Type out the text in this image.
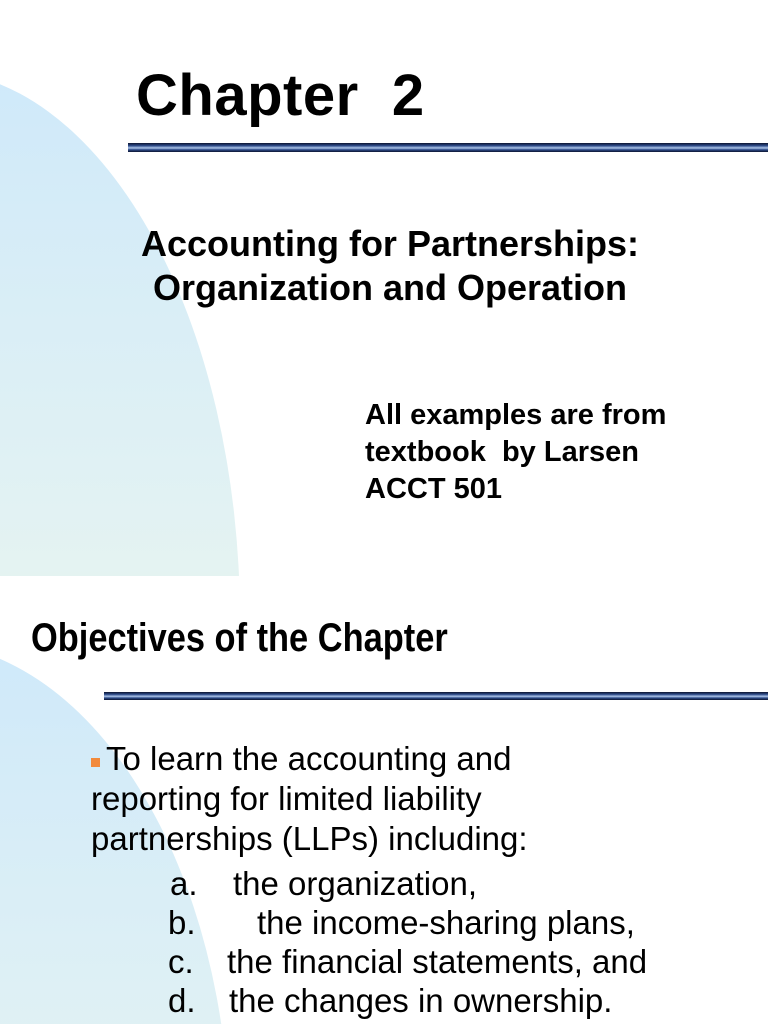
Chapter  2
Accounting for Partnerships:
Organization and Operation

All examples are from
textbook  by Larsen
ACCT 501

Objectives of the Chapter
To learn the accounting and
reporting for limited liability
partnerships (LLPs) including:
a. the organization,
b. the income-sharing plans,
c. the financial statements, and
d. the changes in ownership.
